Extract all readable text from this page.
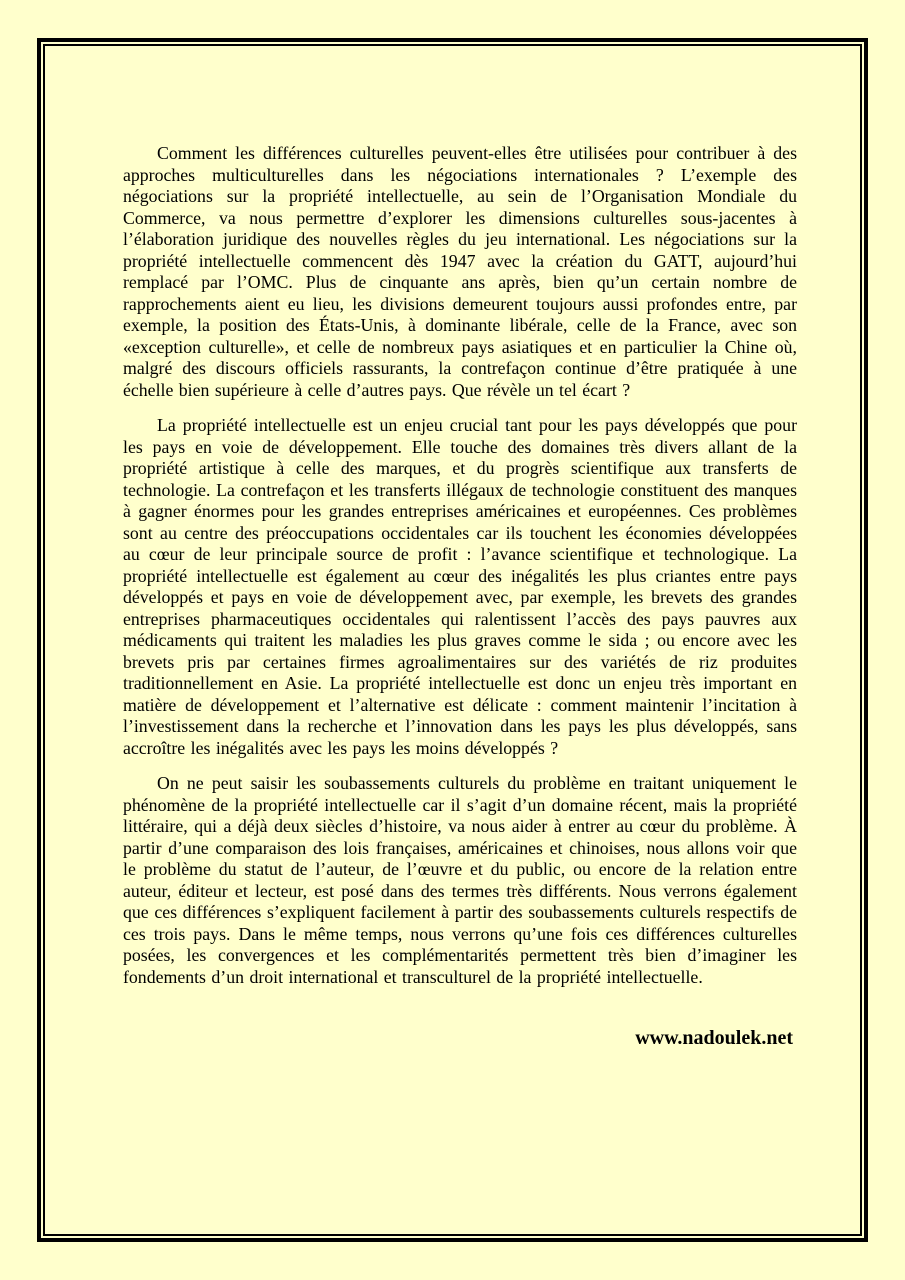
Comment les différences culturelles peuvent-elles être utilisées pour contribuer à des approches multiculturelles dans les négociations internationales ? L’exemple des négociations sur la propriété intellectuelle, au sein de l’Organisation Mondiale du Commerce, va nous permettre d’explorer les dimensions culturelles sous-jacentes à l’élaboration juridique des nouvelles règles du jeu international. Les négociations sur la propriété intellectuelle commencent dès 1947 avec la création du GATT, aujourd’hui remplacé par l’OMC. Plus de cinquante ans après, bien qu’un certain nombre de rapprochements aient eu lieu, les divisions demeurent toujours aussi profondes entre, par exemple, la position des États-Unis, à dominante libérale, celle de la France, avec son «exception culturelle», et celle de nombreux pays asiatiques et en particulier la Chine où, malgré des discours officiels rassurants, la contrefaçon continue d’être pratiquée à une échelle bien supérieure à celle d’autres pays. Que révèle un tel écart ?

La propriété intellectuelle est un enjeu crucial tant pour les pays développés que pour les pays en voie de développement. Elle touche des domaines très divers allant de la propriété artistique à celle des marques, et du progrès scientifique aux transferts de technologie. La contrefaçon et les transferts illégaux de technologie constituent des manques à gagner énormes pour les grandes entreprises américaines et européennes. Ces problèmes sont au centre des préoccupations occidentales car ils touchent les économies développées au cœur de leur principale source de profit : l’avance scientifique et technologique. La propriété intellectuelle est également au cœur des inégalités les plus criantes entre pays développés et pays en voie de développement avec, par exemple, les brevets des grandes entreprises pharmaceutiques occidentales qui ralentissent l’accès des pays pauvres aux médicaments qui traitent les maladies les plus graves comme le sida ; ou encore avec les brevets pris par certaines firmes agroalimentaires sur des variétés de riz produites traditionnellement en Asie. La propriété intellectuelle est donc un enjeu très important en matière de développement et l’alternative est délicate : comment maintenir l’incitation à l’investissement dans la recherche et l’innovation dans les pays les plus développés, sans accroître les inégalités avec les pays les moins développés ?

On ne peut saisir les soubassements culturels du problème en traitant uniquement le phénomène de la propriété intellectuelle car il s’agit d’un domaine récent, mais la propriété littéraire, qui a déjà deux siècles d’histoire, va nous aider à entrer au cœur du problème. À partir d’une comparaison des lois françaises, américaines et chinoises, nous allons voir que le problème du statut de l’auteur, de l’œuvre et du public, ou encore de la relation entre auteur, éditeur et lecteur, est posé dans des termes très différents. Nous verrons également que ces différences s’expliquent facilement à partir des soubassements culturels respectifs de ces trois pays. Dans le même temps, nous verrons qu’une fois ces différences culturelles posées, les convergences et les complémentarités permettent très bien d’imaginer les fondements d’un droit international et transculturel de la propriété intellectuelle.

www.nadoulek.net
